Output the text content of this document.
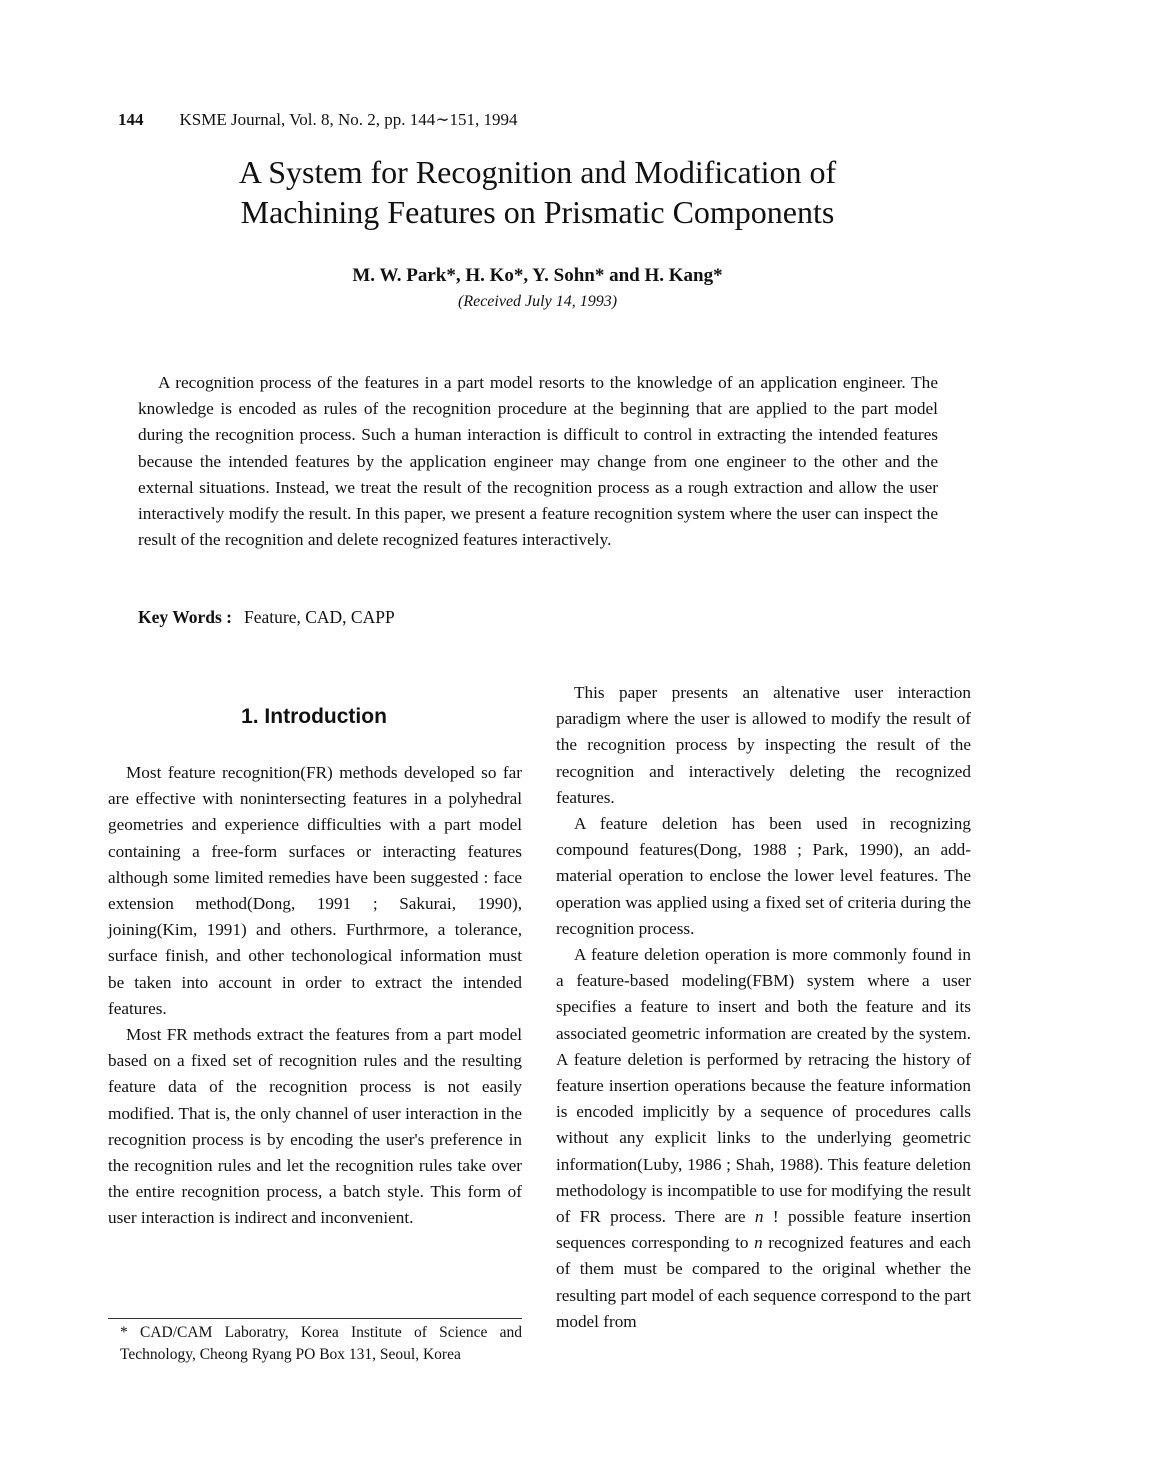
144 KSME Journal, Vol. 8, No. 2, pp. 144∼151, 1994
A System for Recognition and Modification of
Machining Features on Prismatic Components
M. W. Park*, H. Ko*, Y. Sohn* and H. Kang*
(Received July 14, 1993)
A recognition process of the features in a part model resorts to the knowledge of an application engineer. The knowledge is encoded as rules of the recognition procedure at the beginning that are applied to the part model during the recognition process. Such a human interaction is difficult to control in extracting the intended features because the intended features by the application engineer may change from one engineer to the other and the external situations. Instead, we treat the result of the recognition process as a rough extraction and allow the user interactively modify the result. In this paper, we present a feature recognition system where the user can inspect the result of the recognition and delete recognized features interactively.
Key Words : Feature, CAD, CAPP
1. Introduction

Most feature recognition(FR) methods developed so far are effective with nonintersecting features in a polyhedral geometries and experience difficulties with a part model containing a free-form surfaces or interacting features although some limited remedies have been suggested : face extension method(Dong, 1991 ; Sakurai, 1990), joining(Kim, 1991) and others. Furthrmore, a tolerance, surface finish, and other techonological information must be taken into account in order to extract the intended features.

Most FR methods extract the features from a part model based on a fixed set of recognition rules and the resulting feature data of the recognition process is not easily modified. That is, the only channel of user interaction in the recognition process is by encoding the user's preference in the recognition rules and let the recognition rules take over the entire recognition process, a batch style. This form of user interaction is indirect and inconvenient.

* CAD/CAM Laboratry, Korea Institute of Science and Technology, Cheong Ryang PO Box 131, Seoul, Korea

This paper presents an altenative user interaction paradigm where the user is allowed to modify the result of the recognition process by inspecting the result of the recognition and interactively deleting the recognized features.

A feature deletion has been used in recognizing compound features(Dong, 1988 ; Park, 1990), an add-material operation to enclose the lower level features. The operation was applied using a fixed set of criteria during the recognition process.

A feature deletion operation is more commonly found in a feature-based modeling(FBM) system where a user specifies a feature to insert and both the feature and its associated geometric information are created by the system. A feature deletion is performed by retracing the history of feature insertion operations because the feature information is encoded implicitly by a sequence of procedures calls without any explicit links to the underlying geometric information(Luby, 1986 ; Shah, 1988). This feature deletion methodology is incompatible to use for modifying the result of FR process. There are n ! possible feature insertion sequences corresponding to n recognized features and each of them must be compared to the original whether the resulting part model of each sequence correspond to the part model from
